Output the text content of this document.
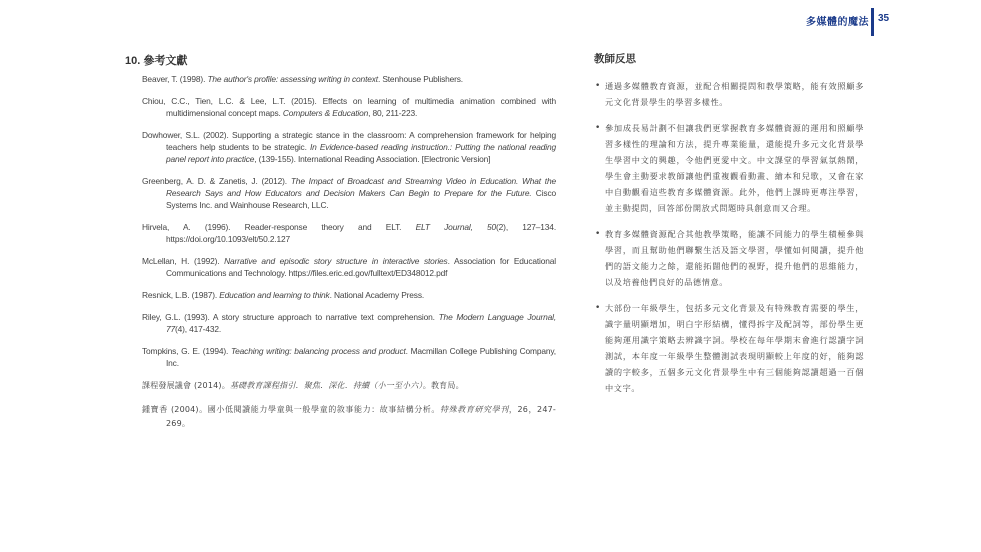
多媒體的魔法 35
10. 參考文獻
Beaver, T. (1998). The author's profile: assessing writing in context. Stenhouse Publishers.
Chiou, C.C., Tien, L.C. & Lee, L.T. (2015). Effects on learning of multimedia animation combined with multidimensional concept maps. Computers & Education, 80, 211-223.
Dowhower, S.L. (2002). Supporting a strategic stance in the classroom: A comprehension framework for helping teachers help students to be strategic. In Evidence-based reading instruction.: Putting the national reading panel report into practice, (139-155). International Reading Association. [Electronic Version]
Greenberg, A. D. & Zanetis, J. (2012). The Impact of Broadcast and Streaming Video in Education. What the Research Says and How Educators and Decision Makers Can Begin to Prepare for the Future. Cisco Systems Inc. and Wainhouse Research, LLC.
Hirvela, A. (1996). Reader-response theory and ELT. ELT Journal, 50(2), 127–134. https://doi.org/10.1093/elt/50.2.127
McLellan, H. (1992). Narrative and episodic story structure in interactive stories. Association for Educational Communications and Technology. https://files.eric.ed.gov/fulltext/ED348012.pdf
Resnick, L.B. (1987). Education and learning to think. National Academy Press.
Riley, G.L. (1993). A story structure approach to narrative text comprehension. The Modern Language Journal, 77(4), 417-432.
Tompkins, G. E. (1994). Teaching writing: balancing process and product. Macmillan College Publishing Company, Inc.
課程發展議會 (2014)。基礎教育課程指引．聚焦．深化．持續（小一至小六）。教育局。
鍾寶香 (2004)。國小低閱讀能力學童與一般學童的敘事能力：故事結構分析。特殊教育研究學刊，26，247-269。
教師反思
• 通過多媒體教育資源，並配合相關提問和教學策略，能有效照顧多元文化背景學生的學習多樣性。
• 參加成長易計劃不但讓我們更掌握教育多媒體資源的運用和照顧學習多樣性的理論和方法，提升專業能量，還能提升多元文化背景學生學習中文的興趣，令他們更愛中文。中文課堂的學習氣氛熱鬧，學生會主動要求教師讓他們重複觀看動畫、繪本和兒歌，又會在家中自動觀看這些教育多媒體資源。此外，他們上課時更專注學習，並主動提問，回答部份開放式問題時具創意而又合理。
• 教育多媒體資源配合其他教學策略，能讓不同能力的學生積極參與學習，而且幫助他們聯繫生活及語文學習，學懂如何閱讀，提升他們的語文能力之餘，還能拓闊他們的視野，提升他們的思維能力，以及培養他們良好的品德情意。
• 大部份一年級學生，包括多元文化背景及有特殊教育需要的學生，識字量明顯增加，明白字形結構，懂得拆字及配詞等，部份學生更能夠運用識字策略去辨識字詞。學校在每年學期末會進行認讀字詞測試，本年度一年級學生整體測試表現明顯較上年度的好，能夠認讀的字較多，五個多元文化背景學生中有三個能夠認讀超過一百個中文字。
